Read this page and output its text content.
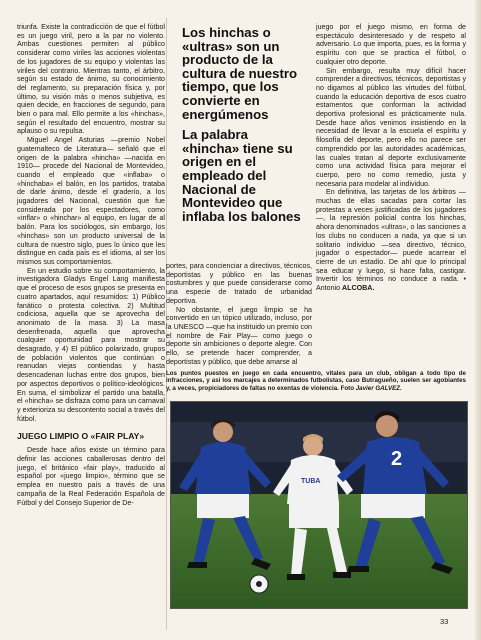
triunfa. Existe la contradicción de que el fútbol es un juego viril, pero a la par no violento. Ambas cuestiones permiten al público considerar como viriles las acciones violentas de los jugadores de su equipo y violentas las viriles del contrario. Mientras tanto, el árbitro, según su estado de ánimo, su conocimiento del reglamento, su preparación física y, por último, su visión más o menos subjetiva, es quien decide, en fracciones de segundo, para bien o para mal. Ello permite a los «hinchas», según el resultado del encuentro, mostrar su aplauso o su repulsa.

Miguel Angel Asturias —premio Nobel guatemalteco de Literatura— señaló que el origen de la palabra «hincha» —nacida en 1910— procede del Nacional de Montevideo, cuando el empleado que «inflaba» o «hinchaba» el balón, en los partidos, trataba de darle ánimo, desde el graderío, a los jugadores del Nacional, cuestión que fue considerada por los espectadores, como «inflar» o «hinchar» al equipo, en lugar de al balón. Para los sociólogos, sin embargo, los «hinchas» son un producto universal de la cultura de nuestro siglo, pues lo único que les distingue en cada país es el idioma, al ser los mismos sus comportamientos.

En un estudio sobre su comportamiento, la investigadora Gladys Engel Lang manifiesta que el proceso de esos grupos se presenta en cuatro apartados, aquí resumidos: 1) Público fanático o protesta colectiva. 2) Multitud codiciosa, aquella que se aprovecha del anonimato de la masa. 3) La masa desenfrenada, aquella que aprovecha cualquier oportunidad para mostrar su desagrado, y 4) El público polarizado, grupos de población violentos que continúan o reanudan viejas contiendas y hasta desencadenan luchas entre dos grupos, bien por aspectos deportivos o político-ideológicos. En suma, el simbolizar el partido una batalla, el «hincha» se disfraza como para un carnaval y exterioriza su descontento social a través del fútbol.

JUEGO LIMPIO O «FAIR PLAY»

Desde hace años existe un término para definir las acciones caballerosas dentro del juego, el británico «fair play», traducido al español por «juego limpio», término que se emplea en nuestro país a través de una campaña de la Real Federación Española de Fútbol y del Consejo Superior de De-

Los hinchas o «ultras» son un producto de la cultura de nuestro tiempo, que los convierte en energúmenos
La palabra «hincha» tiene su origen en el empleado del Nacional de Montevideo que inflaba los balones

portes, para concienciar a directivos, técnicos, deportistas y público en las buenas costumbres y que puede considerarse como una especie de tratado de urbanidad deportiva.

No obstante, el juego limpio se ha convertido en un tópico utilizado, incluso, por la UNESCO —que ha instituido un premio con el nombre de Fair Play— como juego o deporte sin ambiciones o deporte alegre. Con ello, se pretende hacer comprender, a deportistas y público, que debe amarse al

juego por el juego mismo, en forma de espectáculo desinteresado y de respeto al adversario. Lo que importa, pues, es la forma y espíritu con que se practica el fútbol, o cualquier otro deporte.

Sin embargo, resulta muy difícil hacer comprender a directivos, técnicos, deportistas y no digamos al público las virtudes del fútbol, cuando la educación deportiva de esos cuatro estamentos que conforman la actividad deportiva profesional es prácticamente nula. Desde hace años venimos insistiendo en la necesidad de llevar a la escuela el espíritu y filosofía del deporte, pero ello no parece ser comprendido por las autoridades académicas, las cuales tratan al deporte exclusivamente como una actividad física para mejorar el cuerpo, pero no como remedio, justa y necesaria para modelar al individuo.

En definitiva, las tarjetas de los árbitros —muchas de ellas sacadas para cortar las protestas a veces justificadas de los jugadores—, la represión policial contra los hinchas, ahora denominados «ultras», o las sanciones a los clubs no conducen a nada, ya que si un solitario individuo —sea directivo, técnico, jugador o espectador— puede acarrear el cierre de un estadio. De ahí que lo principal sea educar y luego, si hace falta, castigar. Invertir los términos no conduce a nada. • Antonio ALCOBA.

Los puntos puestos en juego en cada encuentro, vitales para un club, obligan a todo tipo de infracciones, y asi los marcajes a determinados futbolistas, caso Butragueño, suelen ser agobiantes y, a veces, propiciadores de faltas no exentas de violencia. Foto Javier GALVEZ.
2
TUBA
33
